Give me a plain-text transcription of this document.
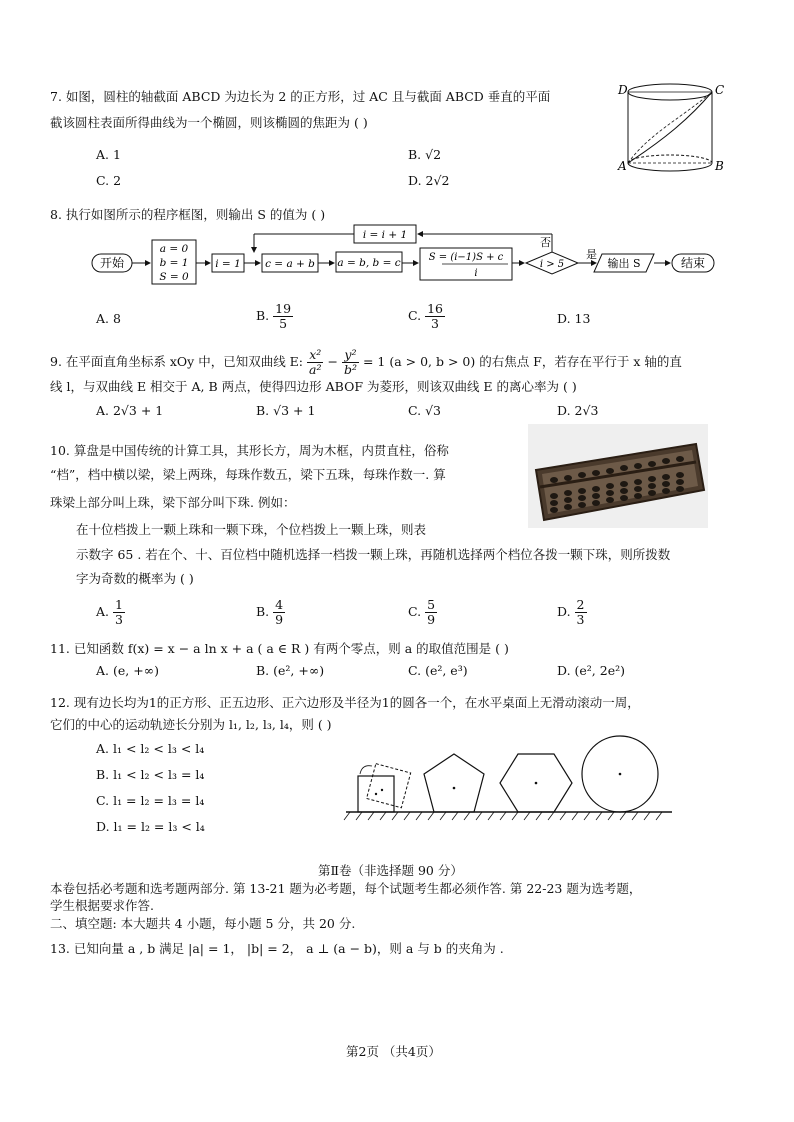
7. 如图，圆柱的轴截面 ABCD 为边长为 2 的正方形，过 AC 且与截面 ABCD 垂直的平面
截该圆柱表面所得曲线为一个椭圆，则该椭圆的焦距为 ( )
A. 1	B. √2
C. 2	D. 2√2
D	C
A	B
8. 执行如图所示的程序框图，则输出 S 的值为 ( )
开始
a = 0
b = 1
S = 0
i = 1 c = a + b a = b, b = c	S = (i−1)S + c
i
i > 5
否
是
i = i + 1
输出 S	结束
A. 8	B. $\frac{19}{5}$	C. $\frac{16}{3}$	D. 13
9. 在平面直角坐标系 xOy 中，已知双曲线 E: $\frac{\text{x²}}{\text{a²}} - \frac{\text{y²}}{\text{b²}} = 1$ (a > 0, b > 0) 的右焦点 F，若存在平行于 x 轴的直
线 l，与双曲线 E 相交于 A, B 两点，使得四边形 ABOF 为菱形，则该双曲线 E 的离心率为 ( )
A. 2√3 + 1	B. √3 + 1	C. √3	D. 2√3
10. 算盘是中国传统的计算工具，其形长方，周为木框，内贯直柱，俗称
“档”，档中横以梁，梁上两珠，每珠作数五，梁下五珠，每珠作数一. 算
珠梁上部分叫上珠，梁下部分叫下珠. 例如：
在十位档拨上一颗上珠和一颗下珠，个位档拨上一颗上珠，则表
示数字 65 . 若在个、十、百位档中随机选择一档拨一颗上珠，再随机选择两个档位各拨一颗下珠，则所拨数
字为奇数的概率为 ( )
A. $\frac{1}{3}$	B. $\frac{4}{9}$	C. $\frac{5}{9}$	D. $\frac{2}{3}$
11. 已知函数 f(x) = x − a ln x + a ( a ∈ R ) 有两个零点，则 a 的取值范围是 ( )
A. (e, +∞)	B. (e², +∞)	C. (e², e³)	D. (e², 2e²)
12. 现有边长均为1的正方形、正五边形、正六边形及半径为1的圆各一个，在水平桌面上无滑动滚动一周，
它们的中心的运动轨迹长分别为 l₁, l₂, l₃, l₄，则 ( )
A. l₁ < l₂ < l₃ < l₄
B. l₁ < l₂ < l₃ = l₄
C. l₁ = l₂ = l₃ = l₄
D. l₁ = l₂ = l₃ < l₄
第Ⅱ卷（非选择题 90 分）
本卷包括必考题和选考题两部分. 第 13-21 题为必考题，每个试题考生都必须作答. 第 22-23 题为选考题，
学生根据要求作答.
二、填空题: 本大题共 4 小题，每小题 5 分，共 20 分.
13. 已知向量 a , b 满足 |a| = 1， |b| = 2， a ⊥ (a − b)，则 a 与 b 的夹角为 .
第2页 （共4页）
